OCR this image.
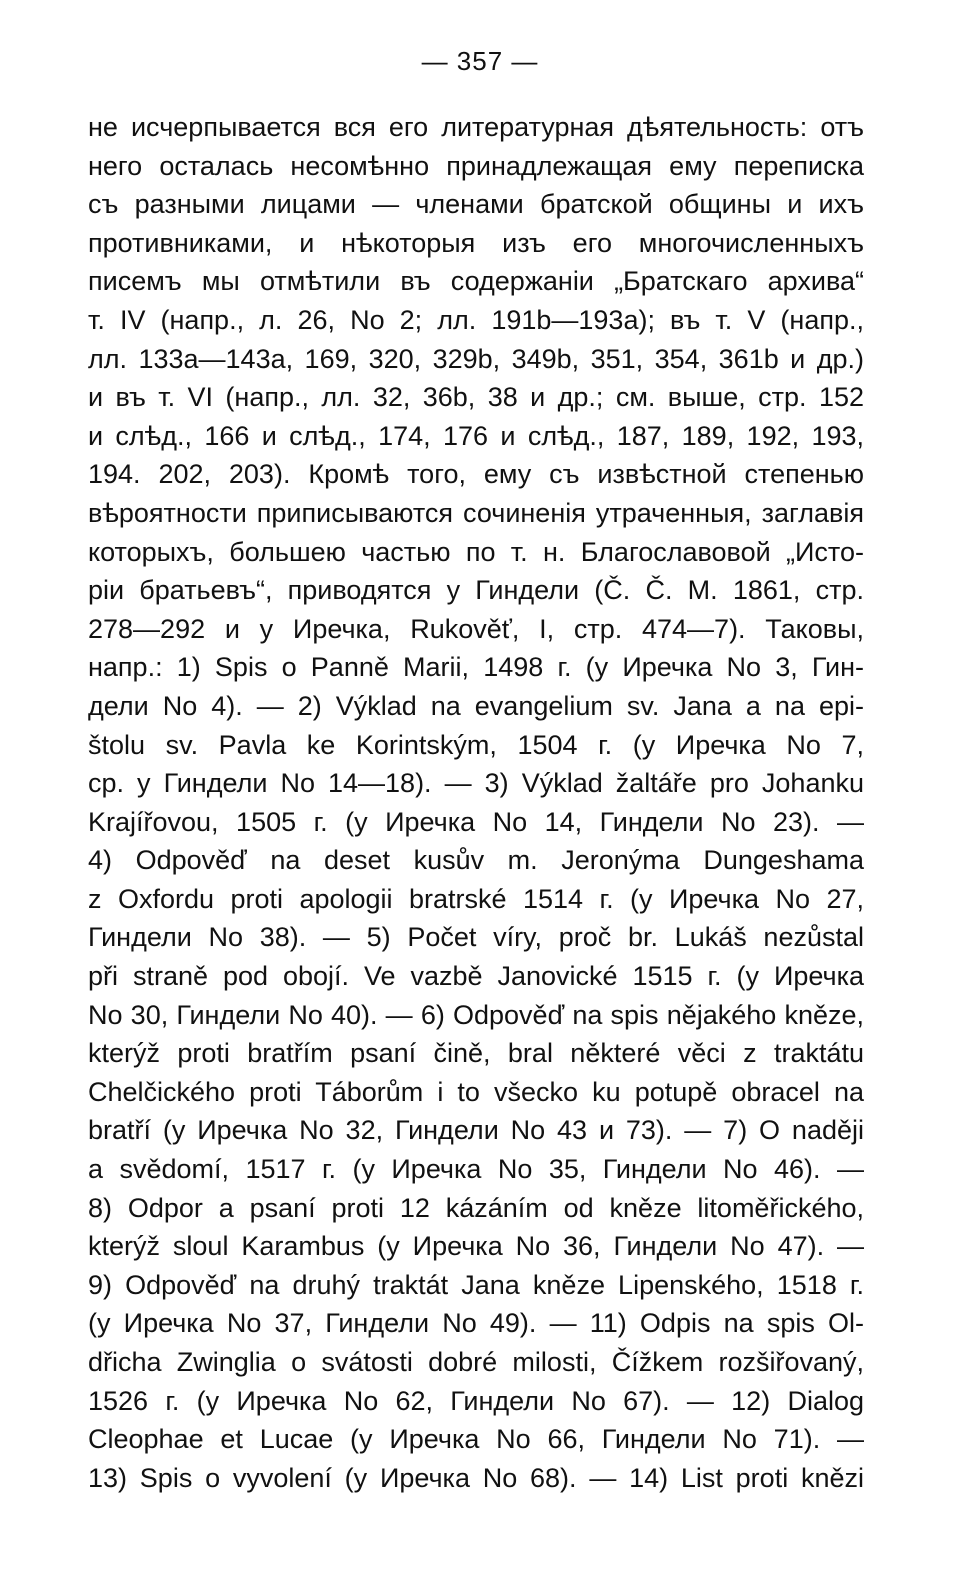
— 357 —
не исчерпывается вся его литературная дѣятельность: отъ
него осталась несомѣнно принадлежащая ему переписка
съ разными лицами — членами братской общины и ихъ
противниками, и нѣкоторыя изъ его многочисленныхъ
писемъ мы отмѣтили въ содержаніи „Братскаго архива“
т. IV (напр., л. 26, No 2; лл. 191b—193a); въ т. V (напр.,
лл. 133a—143a, 169, 320, 329b, 349b, 351, 354, 361b и др.)
и въ т. VI (напр., лл. 32, 36b, 38 и др.; см. выше, стр. 152
и слѣд., 166 и слѣд., 174, 176 и слѣд., 187, 189, 192, 193,
194. 202, 203). Кромѣ того, ему съ извѣстной степенью
вѣроятности приписываются сочиненія утраченныя, заглавія
которыхъ, большею частью по т. н. Благославовой „Исто-
ріи братьевъ“, приводятся у Гиндели (Č. Č. M. 1861, стр.
278—292 и у Иречка, Rukověť, I, стр. 474—7). Таковы,
напр.: 1) Spis o Panně Marii, 1498 г. (у Иречка No 3, Гин-
дели No 4). — 2) Výklad na evangelium sv. Jana a na epi-
štolu sv. Pavla ke Korintským, 1504 г. (у Иречка No 7,
ср. у Гиндели No 14—18). — 3) Výklad žaltáře pro Johanku
Krajířovou, 1505 г. (у Иречка No 14, Гиндели No 23). —
4) Odpověď na deset kusův m. Jeronýma Dungeshama
z Oxfordu proti apologii bratrské 1514 г. (у Иречка No 27,
Гиндели No 38). — 5) Počet víry, proč br. Lukáš nezůstal
při straně pod obojí. Ve vazbě Janovické 1515 г. (у Иречка
No 30, Гиндели No 40). — 6) Odpověď na spis nějakého kněze,
kterýž proti bratřím psaní čině, bral některé věci z traktátu
Chelčického proti Táborům i to všecko ku potupě obracel na
bratří (у Иречка No 32, Гиндели No 43 и 73). — 7) O naději
a svědomí, 1517 г. (у Иречка No 35, Гиндели No 46). —
8) Odpor a psaní proti 12 kázáním od kněze litoměřického,
kterýž sloul Karambus (у Иречка No 36, Гиндели No 47). —
9) Odpověď na druhý traktát Jana kněze Lipenského, 1518 г.
(у Иречка No 37, Гиндели No 49). — 11) Odpis na spis Ol-
dřicha Zwinglia o svátosti dobré milosti, Čížkem rozšiřovaný,
1526 г. (у Иречка No 62, Гиндели No 67). — 12) Dialog
Cleophae et Lucae (у Иречка No 66, Гиндели No 71). —
13) Spis o vyvolení (у Иречка No 68). — 14) List proti knězi
